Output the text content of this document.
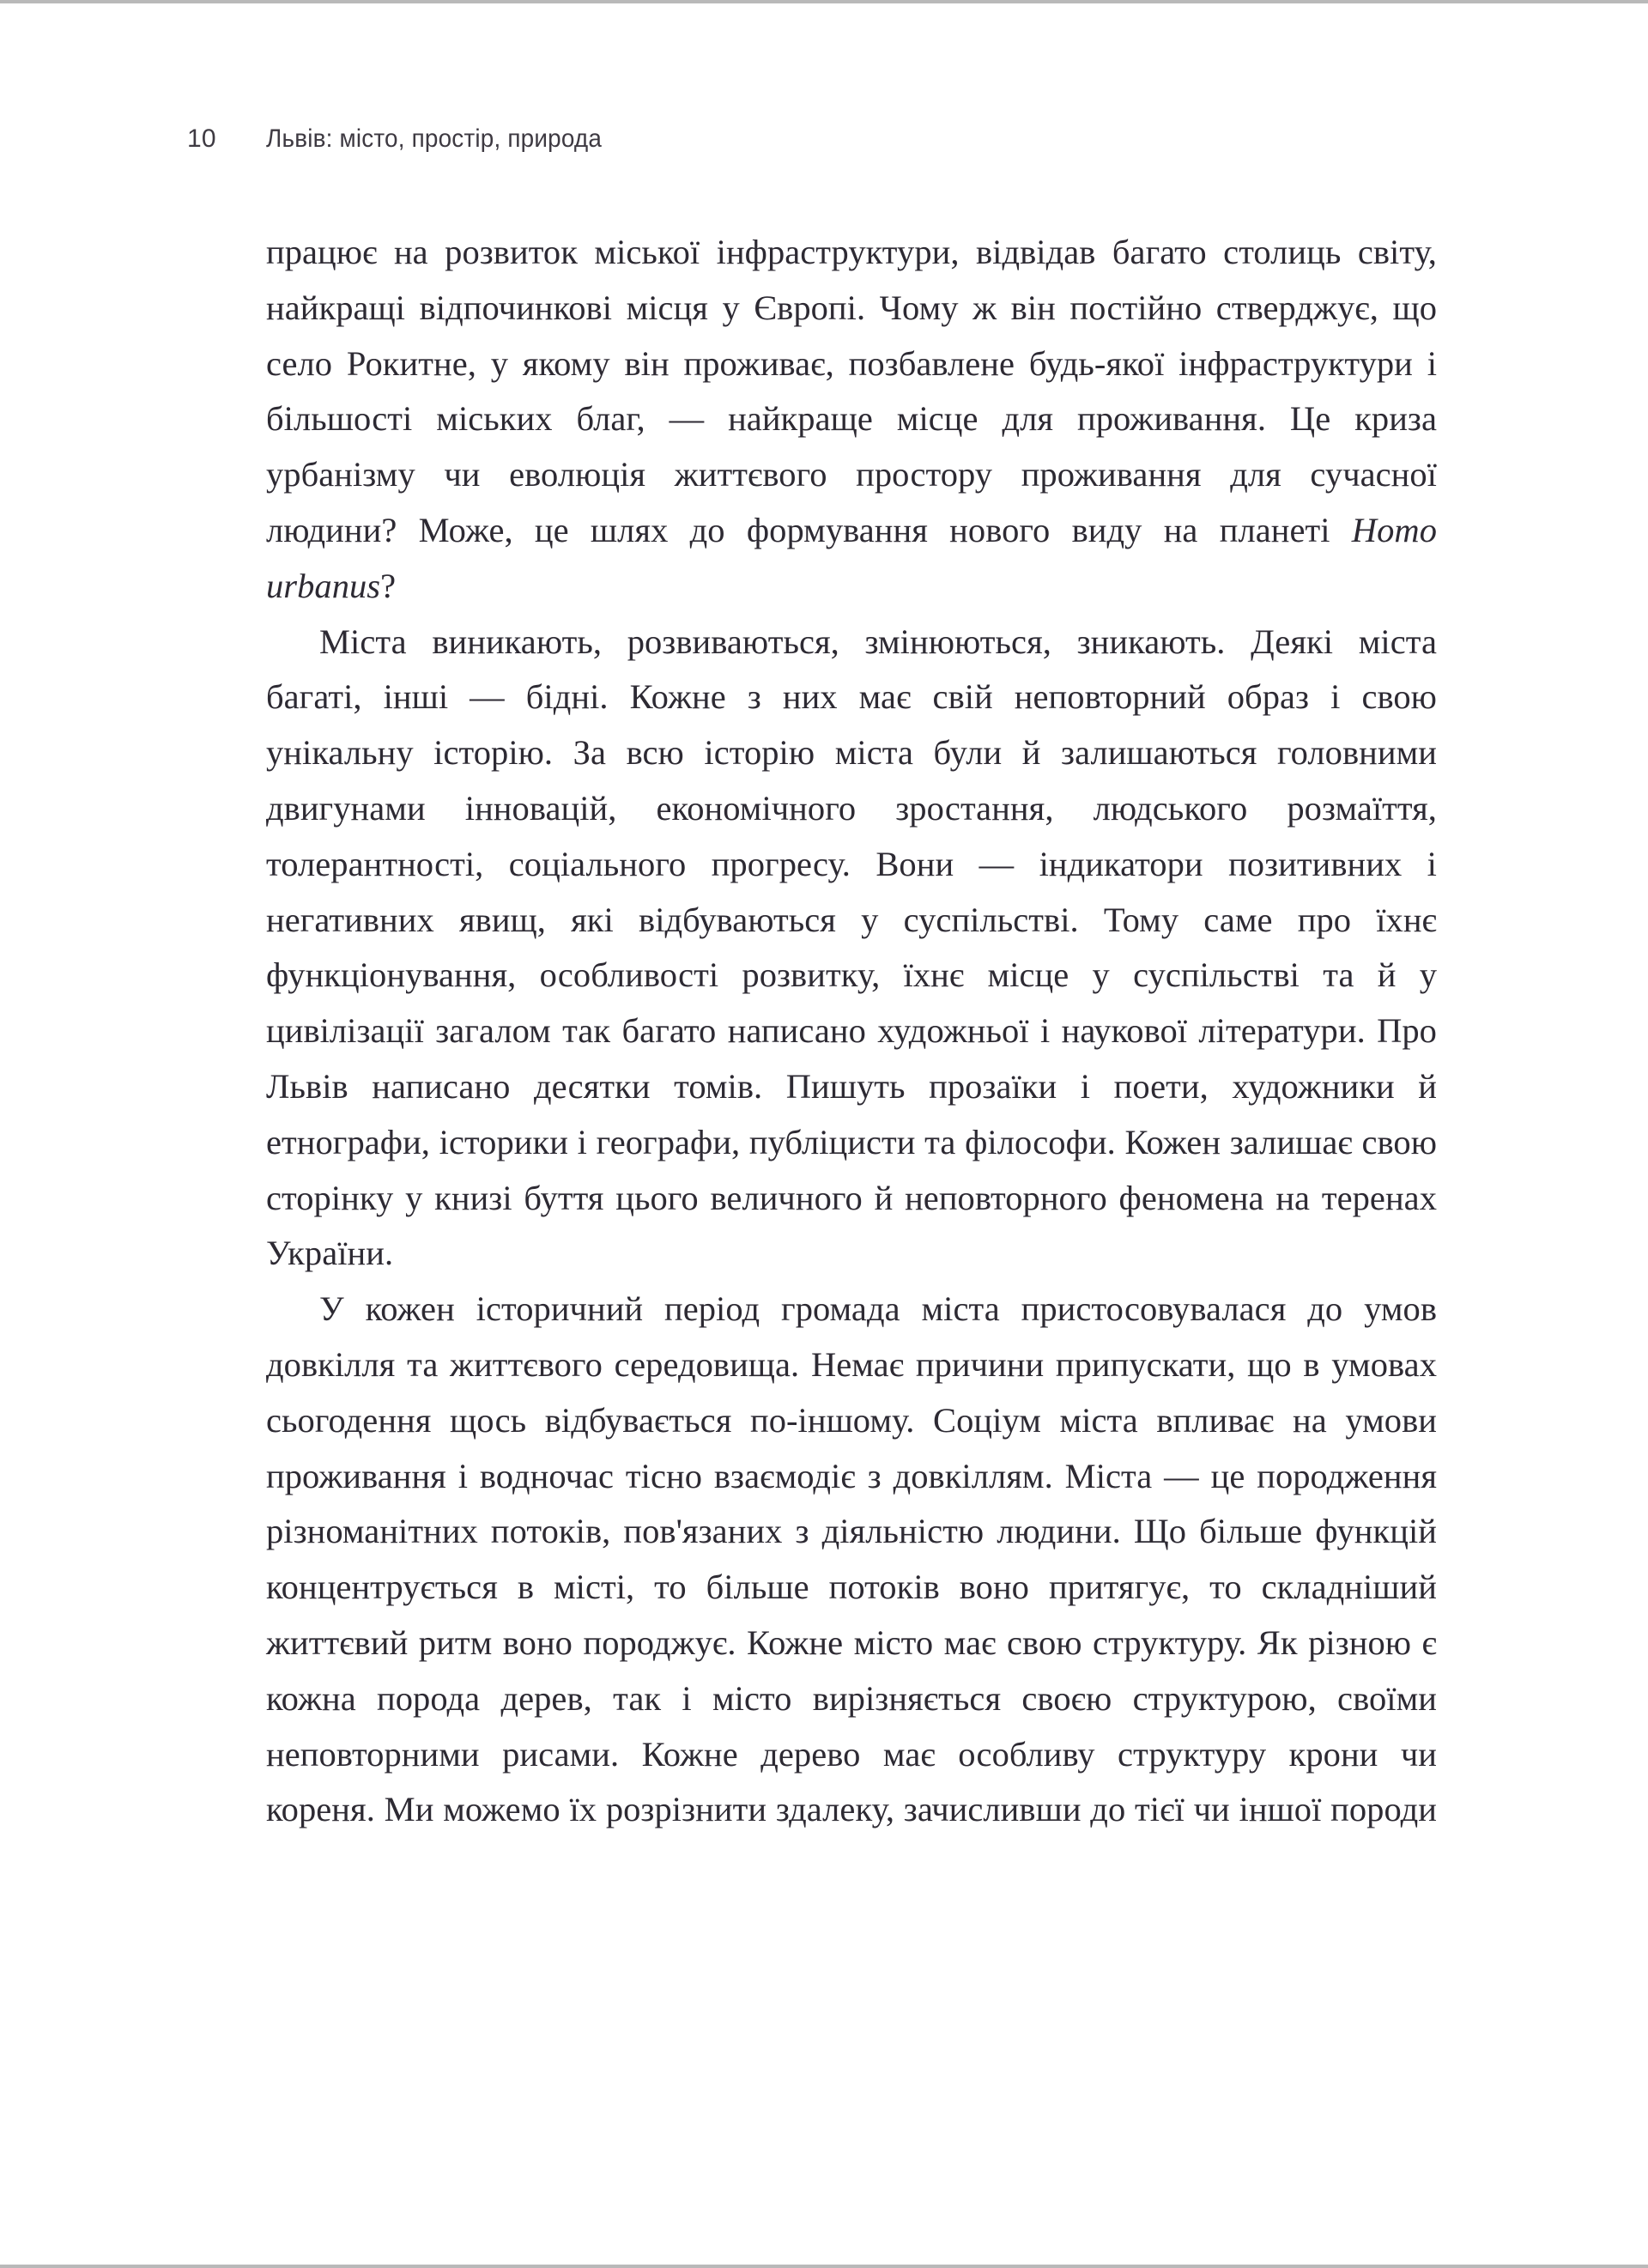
10	Львів: місто, простір, природа

працює на розвиток міської інфраструктури, відвідав багато столиць світу, найкращі відпочинкові місця у Європі. Чому ж він постійно стверджує, що село Рокитне, у якому він проживає, позбавлене будь-якої інфраструктури і більшості міських благ, — найкраще місце для проживання. Це криза урбанізму чи еволюція життєвого простору проживання для сучасної людини? Може, це шлях до формування нового виду на планеті Homo urbanus?

Міста виникають, розвиваються, змінюються, зникають. Деякі міста багаті, інші — бідні. Кожне з них має свій неповторний образ і свою унікальну історію. За всю історію міста були й залишаються головними двигунами інновацій, економічного зростання, людського розмаїття, толерантності, соціального прогресу. Вони — індикатори позитивних і негативних явищ, які відбуваються у суспільстві. Тому саме про їхнє функціонування, особливості розвитку, їхнє місце у суспільстві та й у цивілізації загалом так багато написано художньої і наукової літератури. Про Львів написано десятки томів. Пишуть прозаїки і поети, художники й етнографи, історики і географи, публіцисти та філософи. Кожен залишає свою сторінку у книзі буття цього величного й неповторного феномена на теренах України.

У кожен історичний період громада міста пристосовувалася до умов довкілля та життєвого середовища. Немає причини припускати, що в умовах сьогодення щось відбувається по-іншому. Соціум міста впливає на умови проживання і водночас тісно взаємодіє з довкіллям. Міста — це породження різноманітних потоків, пов'язаних з діяльністю людини. Що більше функцій концентрується в місті, то більше потоків воно притягує, то складніший життєвий ритм воно породжує. Кожне місто має свою структуру. Як різною є кожна порода дерев, так і місто вирізняється своєю структурою, своїми неповторними рисами. Кожне дерево має особливу структуру крони чи кореня. Ми можемо їх розрізнити здалеку, зачисливши до тієї чи іншої породи
